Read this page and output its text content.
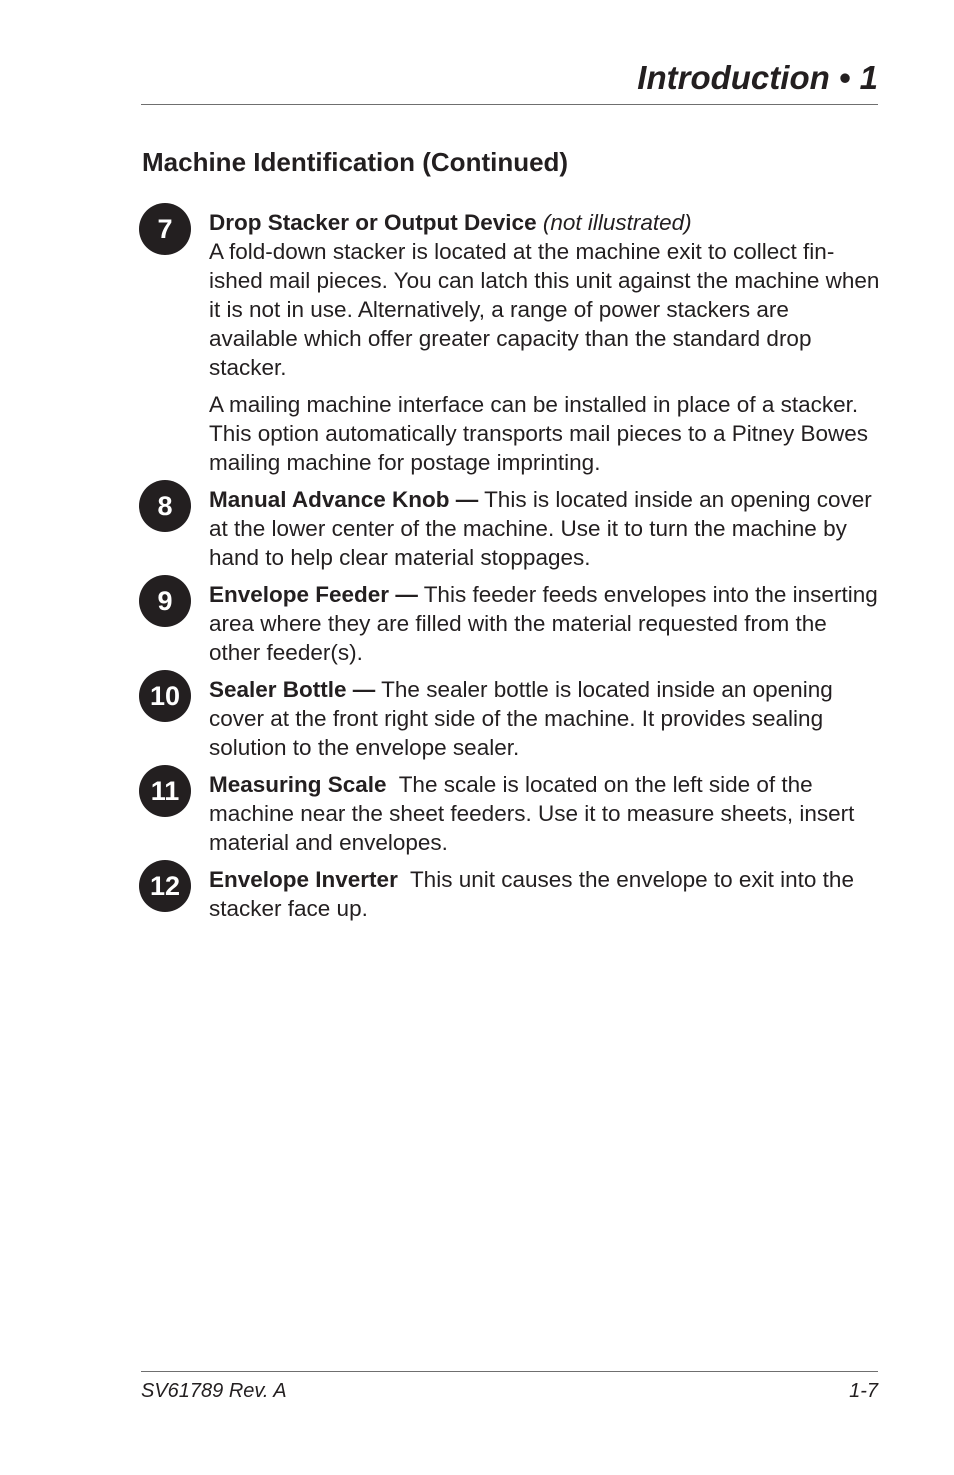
Introduction • 1
Machine Identification (Continued)
7	Drop Stacker or Output Device (not illustrated)
A fold-down stacker is located at the machine exit to collect fin-ished mail pieces. You can latch this unit against the machine when it is not in use. Alternatively, a range of power stackers are available which offer greater capacity than the standard drop stacker.

A mailing machine interface can be installed in place of a stacker. This option automatically transports mail pieces to a Pitney Bowes mailing machine for postage imprinting.

8	Manual Advance Knob — This is located inside an opening cover at the lower center of the machine. Use it to turn the machine by hand to help clear material stoppages.

9	Envelope Feeder — This feeder feeds envelopes into the inserting area where they are filled with the material requested from the other feeder(s).

10	Sealer Bottle — The sealer bottle is located inside an opening cover at the front right side of the machine. It provides sealing solution to the envelope sealer.

11	Measuring Scale The scale is located on the left side of the machine near the sheet feeders. Use it to measure sheets, insert material and envelopes.

12	Envelope Inverter This unit causes the envelope to exit into the stacker face up.

SV61789 Rev. A	1-7
